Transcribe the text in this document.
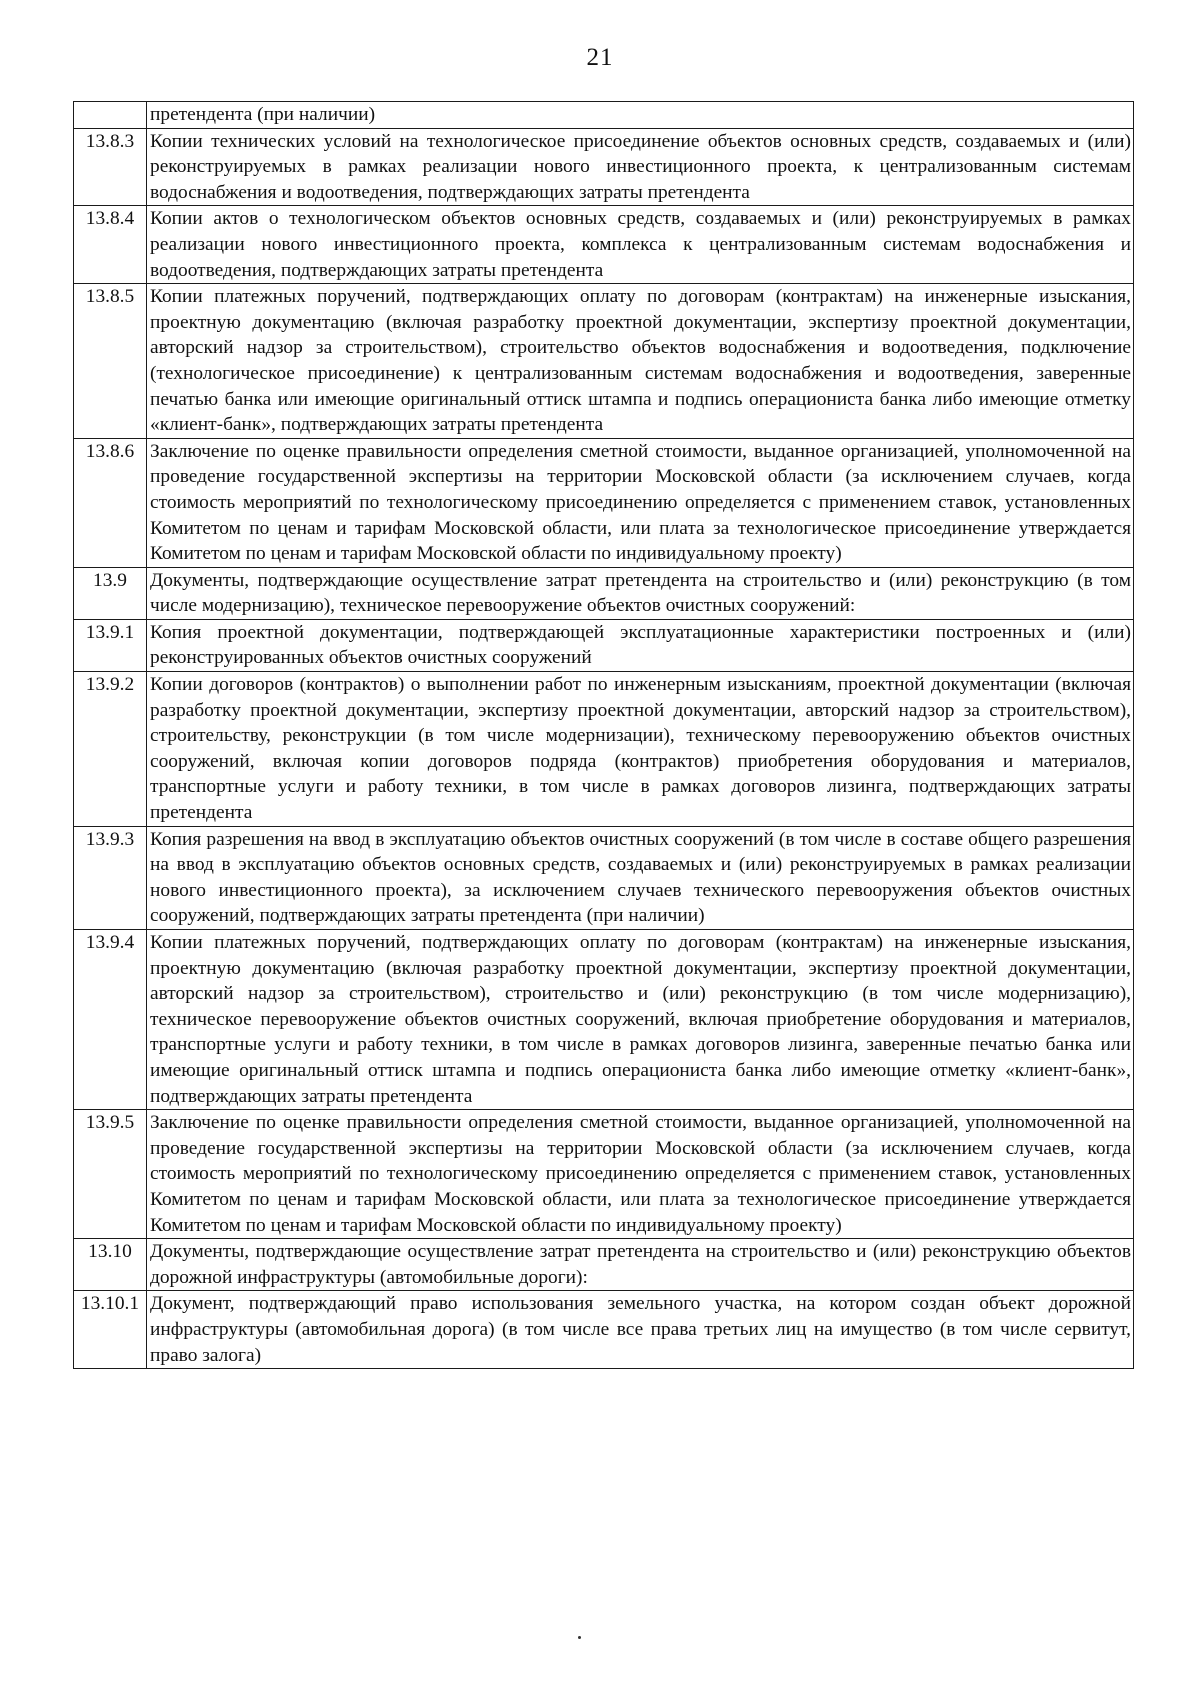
21
	претендента (при наличии)
13.8.3	Копии технических условий на технологическое присоединение объектов основных средств, создаваемых и (или) реконструируемых в рамках реализации нового инвестиционного проекта, к централизованным системам водоснабжения и водоотведения, подтверждающих затраты претендента
13.8.4	Копии актов о технологическом объектов основных средств, создаваемых и (или) реконструируемых в рамках реализации нового инвестиционного проекта, комплекса к централизованным системам водоснабжения и водоотведения, подтверждающих затраты претендента
13.8.5	Копии платежных поручений, подтверждающих оплату по договорам (контрактам) на инженерные изыскания, проектную документацию (включая разработку проектной документации, экспертизу проектной документации, авторский надзор за строительством), строительство объектов водоснабжения и водоотведения, подключение (технологическое присоединение) к централизованным системам водоснабжения и водоотведения, заверенные печатью банка или имеющие оригинальный оттиск штампа и подпись операциониста банка либо имеющие отметку «клиент-банк», подтверждающих затраты претендента
13.8.6	Заключение по оценке правильности определения сметной стоимости, выданное организацией, уполномоченной на проведение государственной экспертизы на территории Московской области (за исключением случаев, когда стоимость мероприятий по технологическому присоединению определяется с применением ставок, установленных Комитетом по ценам и тарифам Московской области, или плата за технологическое присоединение утверждается Комитетом по ценам и тарифам Московской области по индивидуальному проекту)
13.9	Документы, подтверждающие осуществление затрат претендента на строительство и (или) реконструкцию (в том числе модернизацию), техническое перевооружение объектов очистных сооружений:
13.9.1	Копия проектной документации, подтверждающей эксплуатационные характеристики построенных и (или) реконструированных объектов очистных сооружений
13.9.2	Копии договоров (контрактов) о выполнении работ по инженерным изысканиям, проектной документации (включая разработку проектной документации, экспертизу проектной документации, авторский надзор за строительством), строительству, реконструкции (в том числе модернизации), техническому перевооружению объектов очистных сооружений, включая копии договоров подряда (контрактов) приобретения оборудования и материалов, транспортные услуги и работу техники, в том числе в рамках договоров лизинга, подтверждающих затраты претендента
13.9.3	Копия разрешения на ввод в эксплуатацию объектов очистных сооружений (в том числе в составе общего разрешения на ввод в эксплуатацию объектов основных средств, создаваемых и (или) реконструируемых в рамках реализации нового инвестиционного проекта), за исключением случаев технического перевооружения объектов очистных сооружений, подтверждающих затраты претендента (при наличии)
13.9.4	Копии платежных поручений, подтверждающих оплату по договорам (контрактам) на инженерные изыскания, проектную документацию (включая разработку проектной документации, экспертизу проектной документации, авторский надзор за строительством), строительство и (или) реконструкцию (в том числе модернизацию), техническое перевооружение объектов очистных сооружений, включая приобретение оборудования и материалов, транспортные услуги и работу техники, в том числе в рамках договоров лизинга, заверенные печатью банка или имеющие оригинальный оттиск штампа и подпись операциониста банка либо имеющие отметку «клиент-банк», подтверждающих затраты претендента
13.9.5	Заключение по оценке правильности определения сметной стоимости, выданное организацией, уполномоченной на проведение государственной экспертизы на территории Московской области (за исключением случаев, когда стоимость мероприятий по технологическому присоединению определяется с применением ставок, установленных Комитетом по ценам и тарифам Московской области, или плата за технологическое присоединение утверждается Комитетом по ценам и тарифам Московской области по индивидуальному проекту)
13.10	Документы, подтверждающие осуществление затрат претендента на строительство и (или) реконструкцию объектов дорожной инфраструктуры (автомобильные дороги):
13.10.1	Документ, подтверждающий право использования земельного участка, на котором создан объект дорожной инфраструктуры (автомобильная дорога) (в том числе все права третьих лиц на имущество (в том числе сервитут, право залога)
